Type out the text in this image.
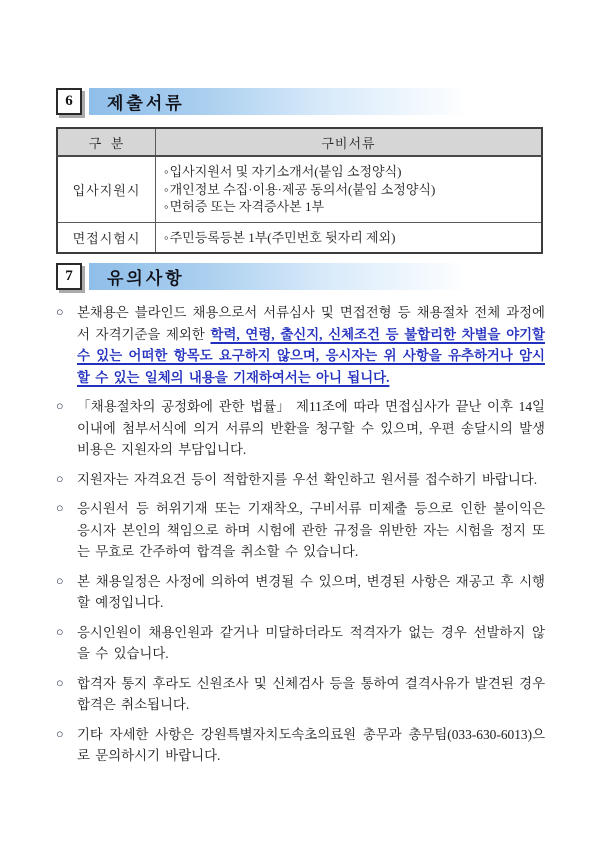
6	제출서류
구  분	구비서류
입사지원시	◦입사지원서 및 자기소개서(붙임 소정양식)
◦개인정보 수집·이용·제공 동의서(붙임 소정양식)
◦면허증 또는 자격증사본 1부

면접시험시	◦주민등록등본 1부(주민번호 뒷자리 제외)
7	유의사항
○	본채용은 블라인드 채용으로서 서류심사 및 면접전형 등 채용절차 전체 과정에서 자격기준을 제외한 학력, 연령, 출신지, 신체조건 등 불합리한 차별을 야기할 수 있는 어떠한 항목도 요구하지 않으며, 응시자는 위 사항을 유추하거나 암시할 수 있는 일체의 내용을 기재하여서는 아니 됩니다.

○	「채용절차의 공정화에 관한 법률」 제11조에 따라 면접심사가 끝난 이후 14일 이내에 첨부서식에 의거 서류의 반환을 청구할 수 있으며, 우편 송달시의 발생비용은 지원자의 부담입니다.

○	지원자는 자격요건 등이 적합한지를 우선 확인하고 원서를 접수하기 바랍니다.

○	응시원서 등 허위기재 또는 기재착오, 구비서류 미제출 등으로 인한 불이익은 응시자 본인의 책임으로 하며 시험에 관한 규정을 위반한 자는 시험을 정지 또는 무효로 간주하여 합격을 취소할 수 있습니다.

○	본 채용일정은 사정에 의하여 변경될 수 있으며, 변경된 사항은 재공고 후 시행할 예정입니다.

○	응시인원이 채용인원과 같거나 미달하더라도 적격자가 없는 경우 선발하지 않을 수 있습니다.

○	합격자 통지 후라도 신원조사 및 신체검사 등을 통하여 결격사유가 발견된 경우 합격은 취소됩니다.

○	기타 자세한 사항은 강원특별자치도속초의료원 총무과 총무팀(033-630-6013)으로 문의하시기 바랍니다.
